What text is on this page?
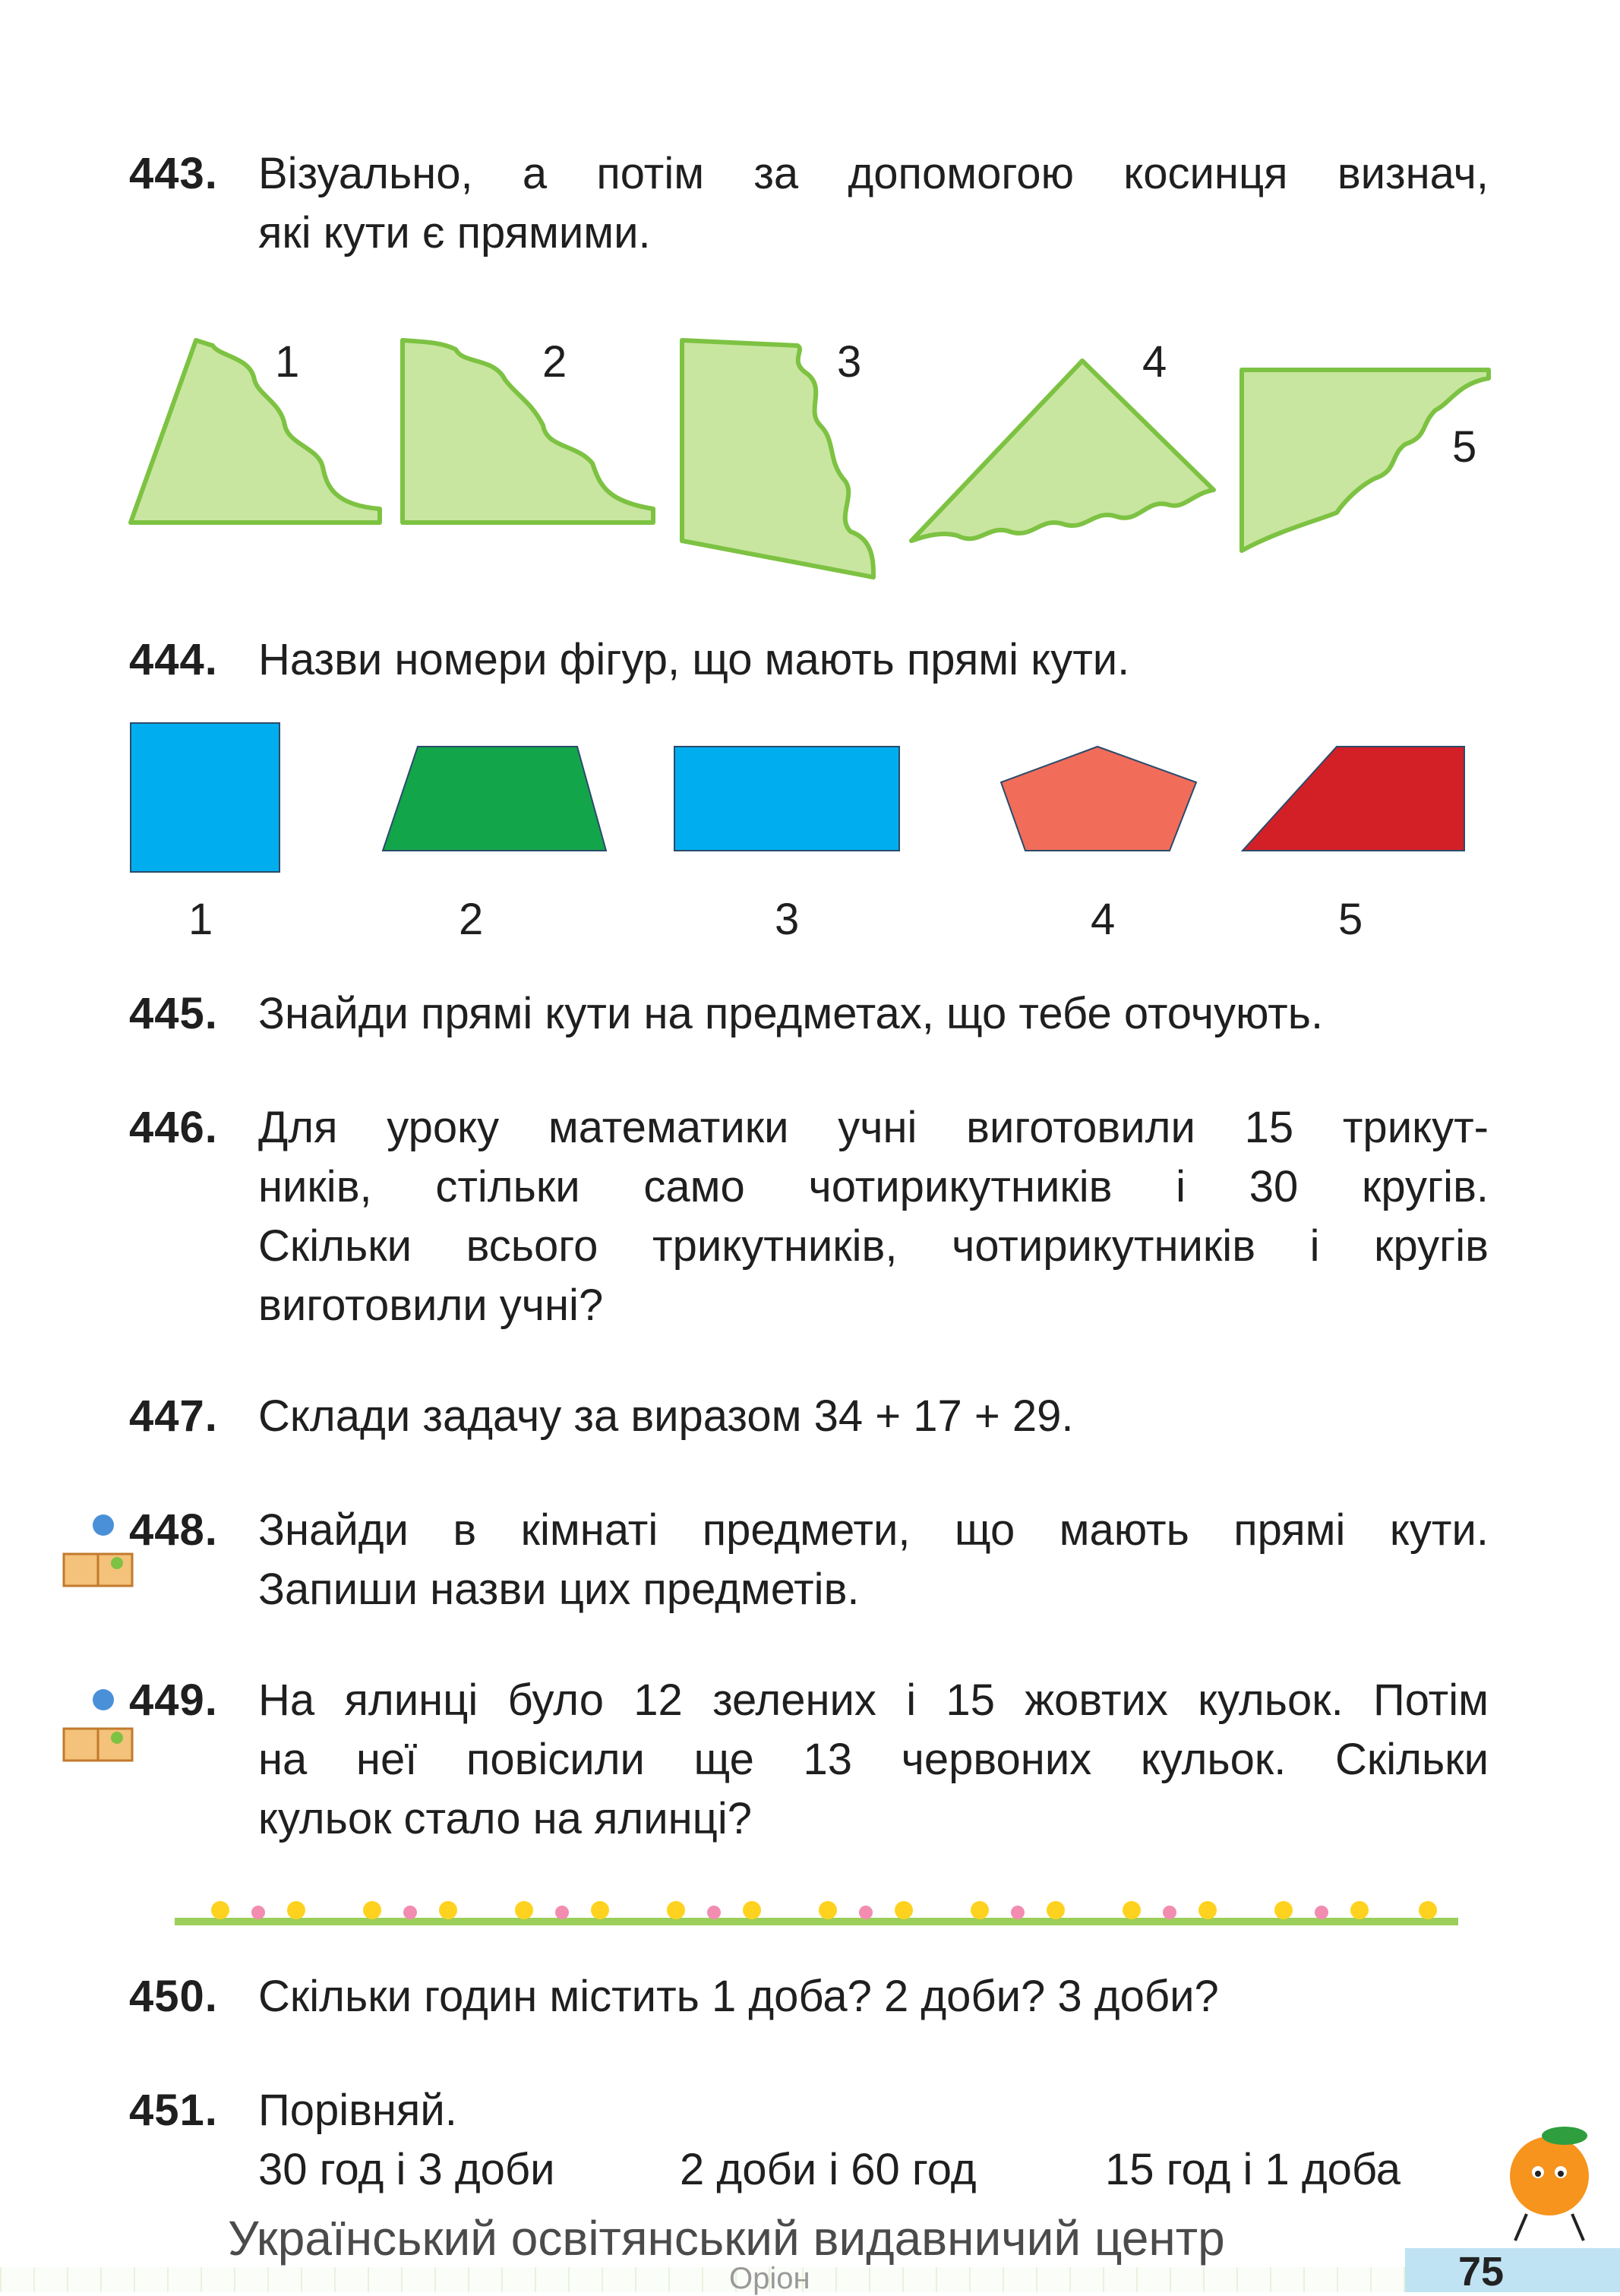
443. Візуально, а потім за допомогою косинця визнач,
які кути є прямими.
1	2	3	4
5
444. Назви номери фігур, що мають прямі кути.
1	2	3	4	5
445. Знайди прямі кути на предметах, що тебе оточують.
446. Для уроку математики учні виготовили 15 трикут-
ників, стільки само чотирикутників і 30 кругів.
Скільки всього трикутників, чотирикутників і кругів
виготовили учні?
447. Склади задачу за виразом 34 + 17 + 29.
448. Знайди в кімнаті предмети, що мають прямі кути.
Запиши назви цих предметів.
449. На ялинці було 12 зелених і 15 жовтих кульок. Потім
на неї повісили ще 13 червоних кульок. Скільки
кульок стало на ялинці?
450. Скільки годин містить 1 доба? 2 доби? 3 доби?
451. Порівняй.
30 год і 3 доби	2 доби і 60 год	15 год і 1 доба
Український освітянський видавничий центр
Оріон	75
